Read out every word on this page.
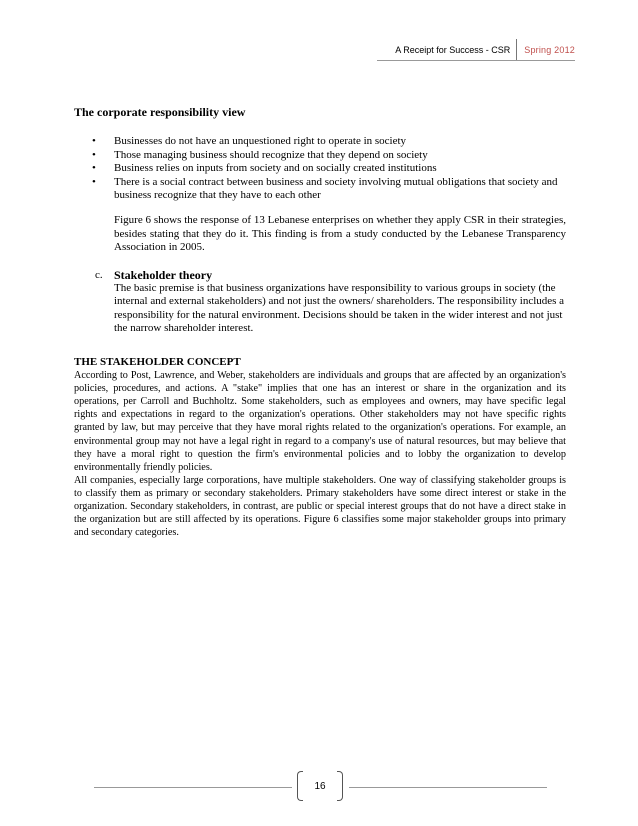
A Receipt for Success - CSR	Spring 2012
The corporate responsibility view
• Businesses do not have an unquestioned right to operate in society
• Those managing business should recognize that they depend on society
• Business relies on inputs from society and on socially created institutions
• There is a social contract between business and society involving mutual obligations that society and business recognize that they have to each other
Figure 6 shows the response of 13 Lebanese enterprises on whether they apply CSR in their strategies, besides stating that they do it. This finding is from a study conducted by the Lebanese Transparency Association in 2005.
c. Stakeholder theory
The basic premise is that business organizations have responsibility to various groups in society (the internal and external stakeholders) and not just the owners/ shareholders. The responsibility includes a responsibility for the natural environment. Decisions should be taken in the wider interest and not just the narrow shareholder interest.
THE STAKEHOLDER CONCEPT

According to Post, Lawrence, and Weber, stakeholders are individuals and groups that are affected by an organization's policies, procedures, and actions. A "stake" implies that one has an interest or share in the organization and its operations, per Carroll and Buchholtz. Some stakeholders, such as employees and owners, may have specific legal rights and expectations in regard to the organization's operations. Other stakeholders may not have specific rights granted by law, but may perceive that they have moral rights related to the organization's operations. For example, an environmental group may not have a legal right in regard to a company's use of natural resources, but may believe that they have a moral right to question the firm's environmental policies and to lobby the organization to develop environmentally friendly policies.

All companies, especially large corporations, have multiple stakeholders. One way of classifying stakeholder groups is to classify them as primary or secondary stakeholders. Primary stakeholders have some direct interest or stake in the organization. Secondary stakeholders, in contrast, are public or special interest groups that do not have a direct stake in the organization but are still affected by its operations. Figure 6 classifies some major stakeholder groups into primary and secondary categories.

16
